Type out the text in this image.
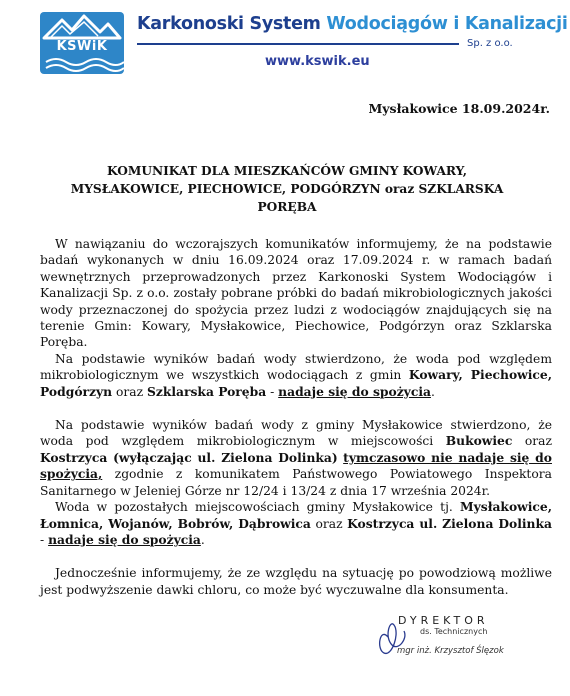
KSWiK
Karkonoski System Wodociągów i Kanalizacji
Sp. z o.o.
www.kswik.eu
Mysłakowice 18.09.2024r.
KOMUNIKAT DLA MIESZKAŃCÓW GMINY KOWARY, MYSŁAKOWICE, PIECHOWICE, PODGÓRZYN oraz SZKLARSKA PORĘBA

W nawiązaniu do wczorajszych komunikatów informujemy, że na podstawie badań wykonanych w dniu 16.09.2024 oraz 17.09.2024 r. w ramach badań wewnętrznych przeprowadzonych przez Karkonoski System Wodociągów i Kanalizacji Sp. z o.o. zostały pobrane próbki do badań mikrobiologicznych jakości wody przeznaczonej do spożycia przez ludzi z wodociągów znajdujących się na terenie Gmin: Kowary, Mysłakowice, Piechowice, Podgórzyn oraz Szklarska Poręba.

Na podstawie wyników badań wody stwierdzono, że woda pod względem mikrobiologicznym we wszystkich wodociągach z gmin Kowary, Piechowice, Podgórzyn oraz Szklarska Poręba - nadaje się do spożycia.

Na podstawie wyników badań wody z gminy Mysłakowice stwierdzono, że woda pod względem mikrobiologicznym w miejscowości Bukowiec oraz Kostrzyca (wyłączając ul. Zielona Dolinka) tymczasowo nie nadaje się do spożycia, zgodnie z komunikatem Państwowego Powiatowego Inspektora Sanitarnego w Jeleniej Górze nr 12/24 i 13/24 z dnia 17 września 2024r.

Woda w pozostałych miejscowościach gminy Mysłakowice tj. Mysłakowice, Łomnica, Wojanów, Bobrów, Dąbrowica oraz Kostrzyca ul. Zielona Dolinka - nadaje się do spożycia.

Jednocześnie informujemy, że ze względu na sytuację po powodziową możliwe jest podwyższenie dawki chloru, co może być wyczuwalne dla konsumenta.

DYREKTOR
ds. Technicznych
mgr inż. Krzysztof Ślęzok
